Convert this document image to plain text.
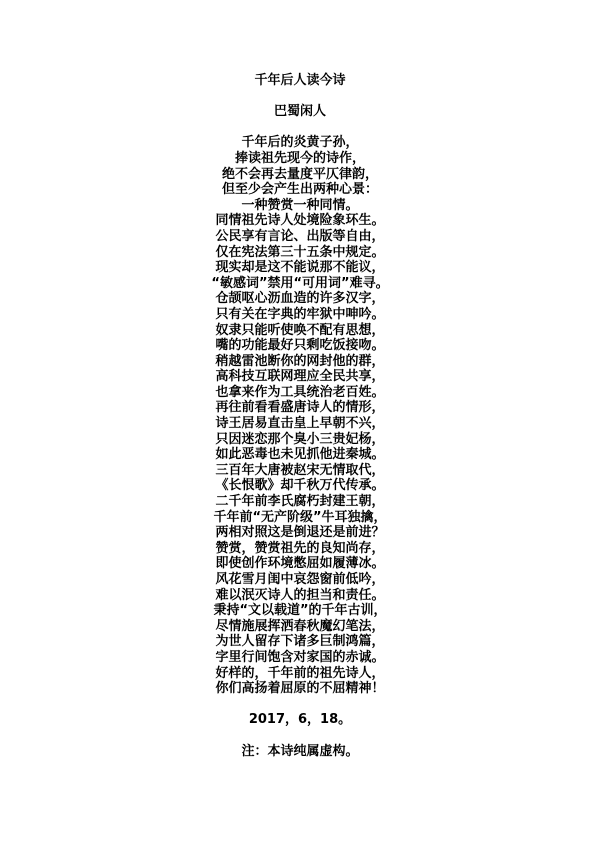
千年后人读今诗
巴蜀闲人
千年后的炎黄子孙，
捧读祖先现今的诗作，
绝不会再去量度平仄律韵，
但至少会产生出两种心景：
一种赞赏一种同情。
同情祖先诗人处境险象环生。
公民享有言论、出版等自由，
仅在宪法第三十五条中规定。
现实却是这不能说那不能议，
“敏感词”禁用“可用词”难寻。
仓颉呕心沥血造的许多汉字，
只有关在字典的牢狱中呻吟。
奴隶只能听使唤不配有思想，
嘴的功能最好只剩吃饭接吻。
稍越雷池断你的网封他的群，
高科技互联网理应全民共享，
也拿来作为工具统治老百姓。
再往前看看盛唐诗人的情形，
诗王居易直击皇上早朝不兴，
只因迷恋那个臭小三贵妃杨，
如此恶毒也未见抓他进秦城。
三百年大唐被赵宋无情取代，
《长恨歌》却千秋万代传承。
二千年前李氏腐朽封建王朝，
千年前“无产阶级”牛耳独擒，
两相对照这是倒退还是前进？
赞赏，赞赏祖先的良知尚存，
即使创作环境憋屈如履薄冰。
风花雪月闺中哀怨窗前低吟，
难以泯灭诗人的担当和责任。
秉持“文以载道”的千年古训，
尽情施展挥洒春秋魔幻笔法，
为世人留存下诸多巨制鸿篇，
字里行间饱含对家国的赤诚。
好样的，千年前的祖先诗人，
你们高扬着屈原的不屈精神！
2017，6，18。
注：本诗纯属虚构。
